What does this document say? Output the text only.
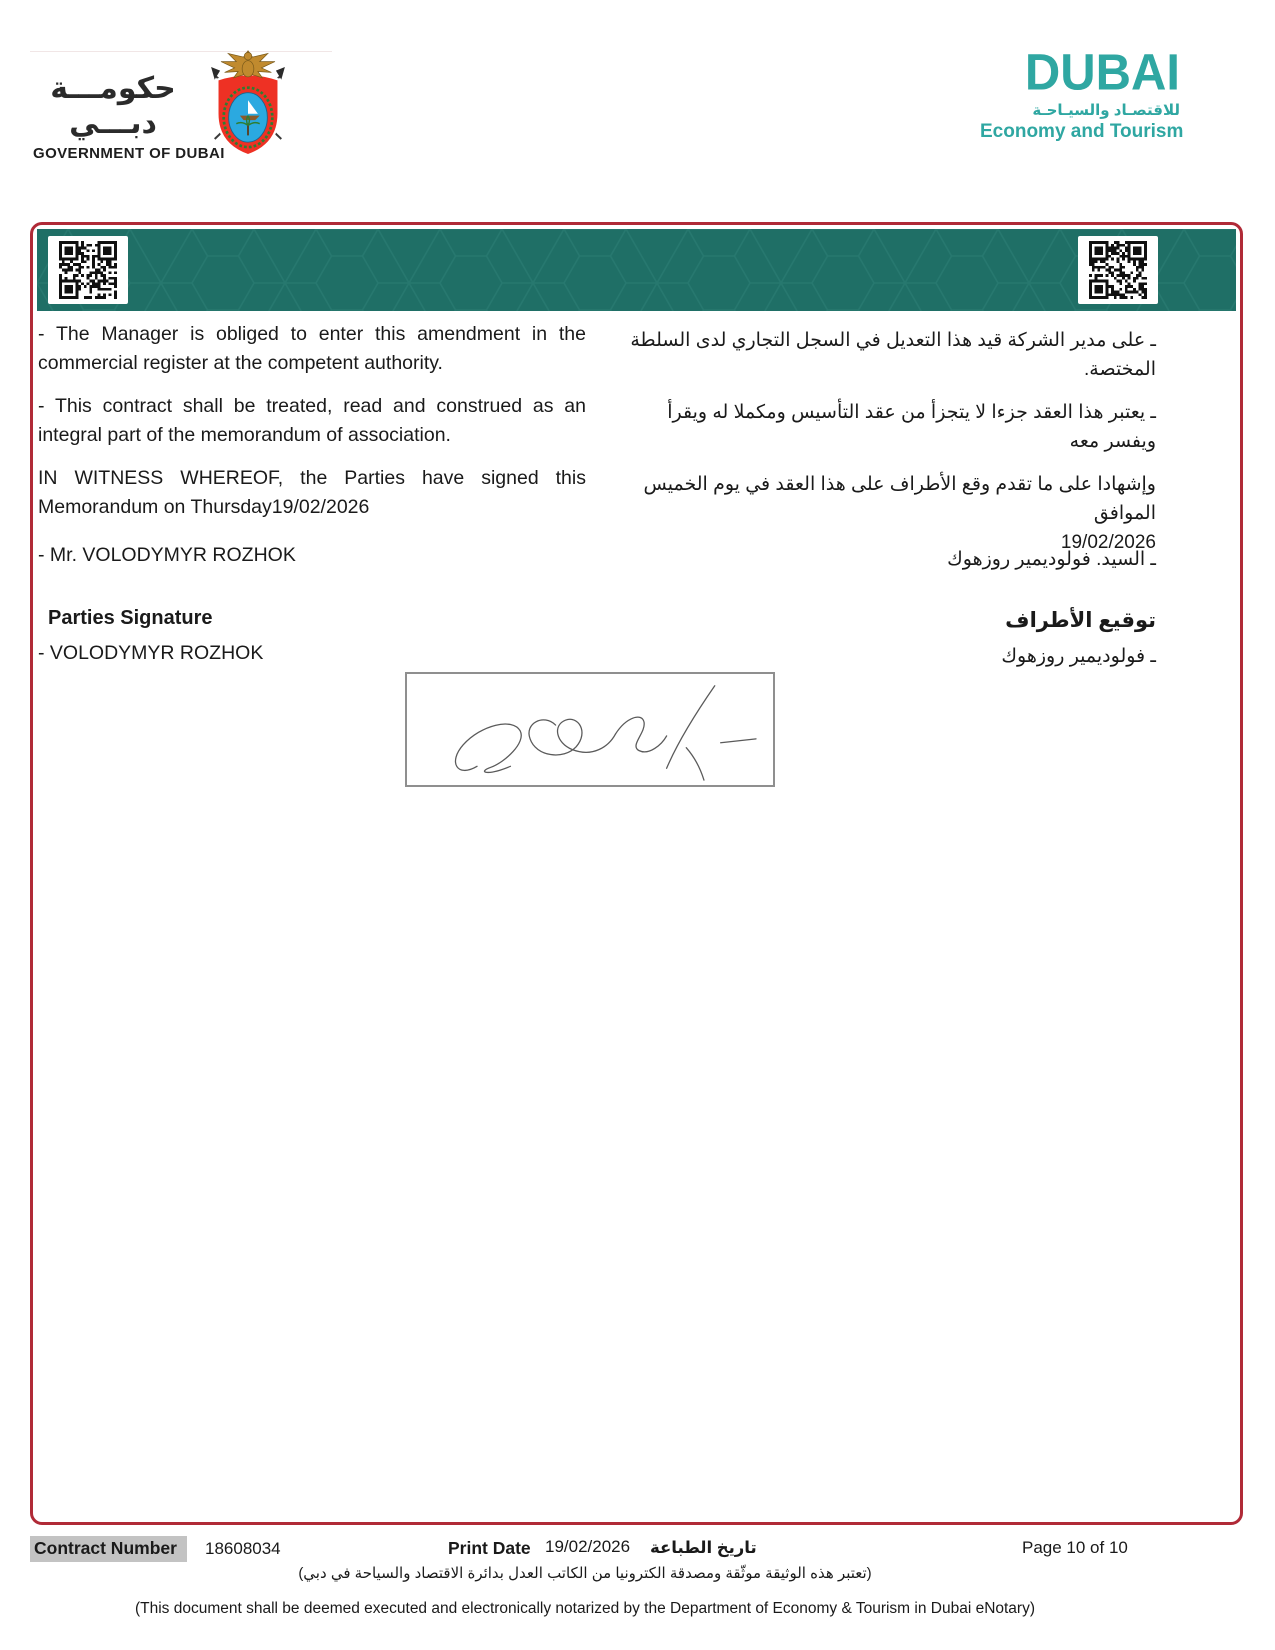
حكومـــة دبـــي
GOVERNMENT OF DUBAI
DUBAI
للاقتصـاد والسيـاحـة
Economy and Tourism
- The Manager is obliged to enter this amendment in the commercial register at the competent authority.
ـ على مدير الشركة قيد هذا التعديل في السجل التجاري لدى السلطة المختصة.
- This contract shall be treated, read and construed as an integral part of the memorandum of association.
ـ يعتبر هذا العقد جزءا لا يتجزأ من عقد التأسيس ومكملا له ويقرأ ويفسر معه
IN WITNESS WHEREOF, the Parties have signed this Memorandum on Thursday19/02/2026
وإشهادا على ما تقدم وقع الأطراف على هذا العقد في يوم الخميس الموافق
19/02/2026
- Mr. VOLODYMYR ROZHOK	ـ السيد. فولوديمير روزهوك
Parties Signature	توقيع الأطراف
- VOLODYMYR ROZHOK	ـ فولوديمير روزهوك
Contract Number	18608034	Print Date 19/02/2026 تاريخ الطباعة	Page 10 of 10
(تعتبر هذه الوثيقة موثّقة ومصدقة الكترونيا من الكاتب العدل بدائرة الاقتصاد والسياحة في دبي)
(This document shall be deemed executed and electronically notarized by the Department of Economy & Tourism in Dubai eNotary)
